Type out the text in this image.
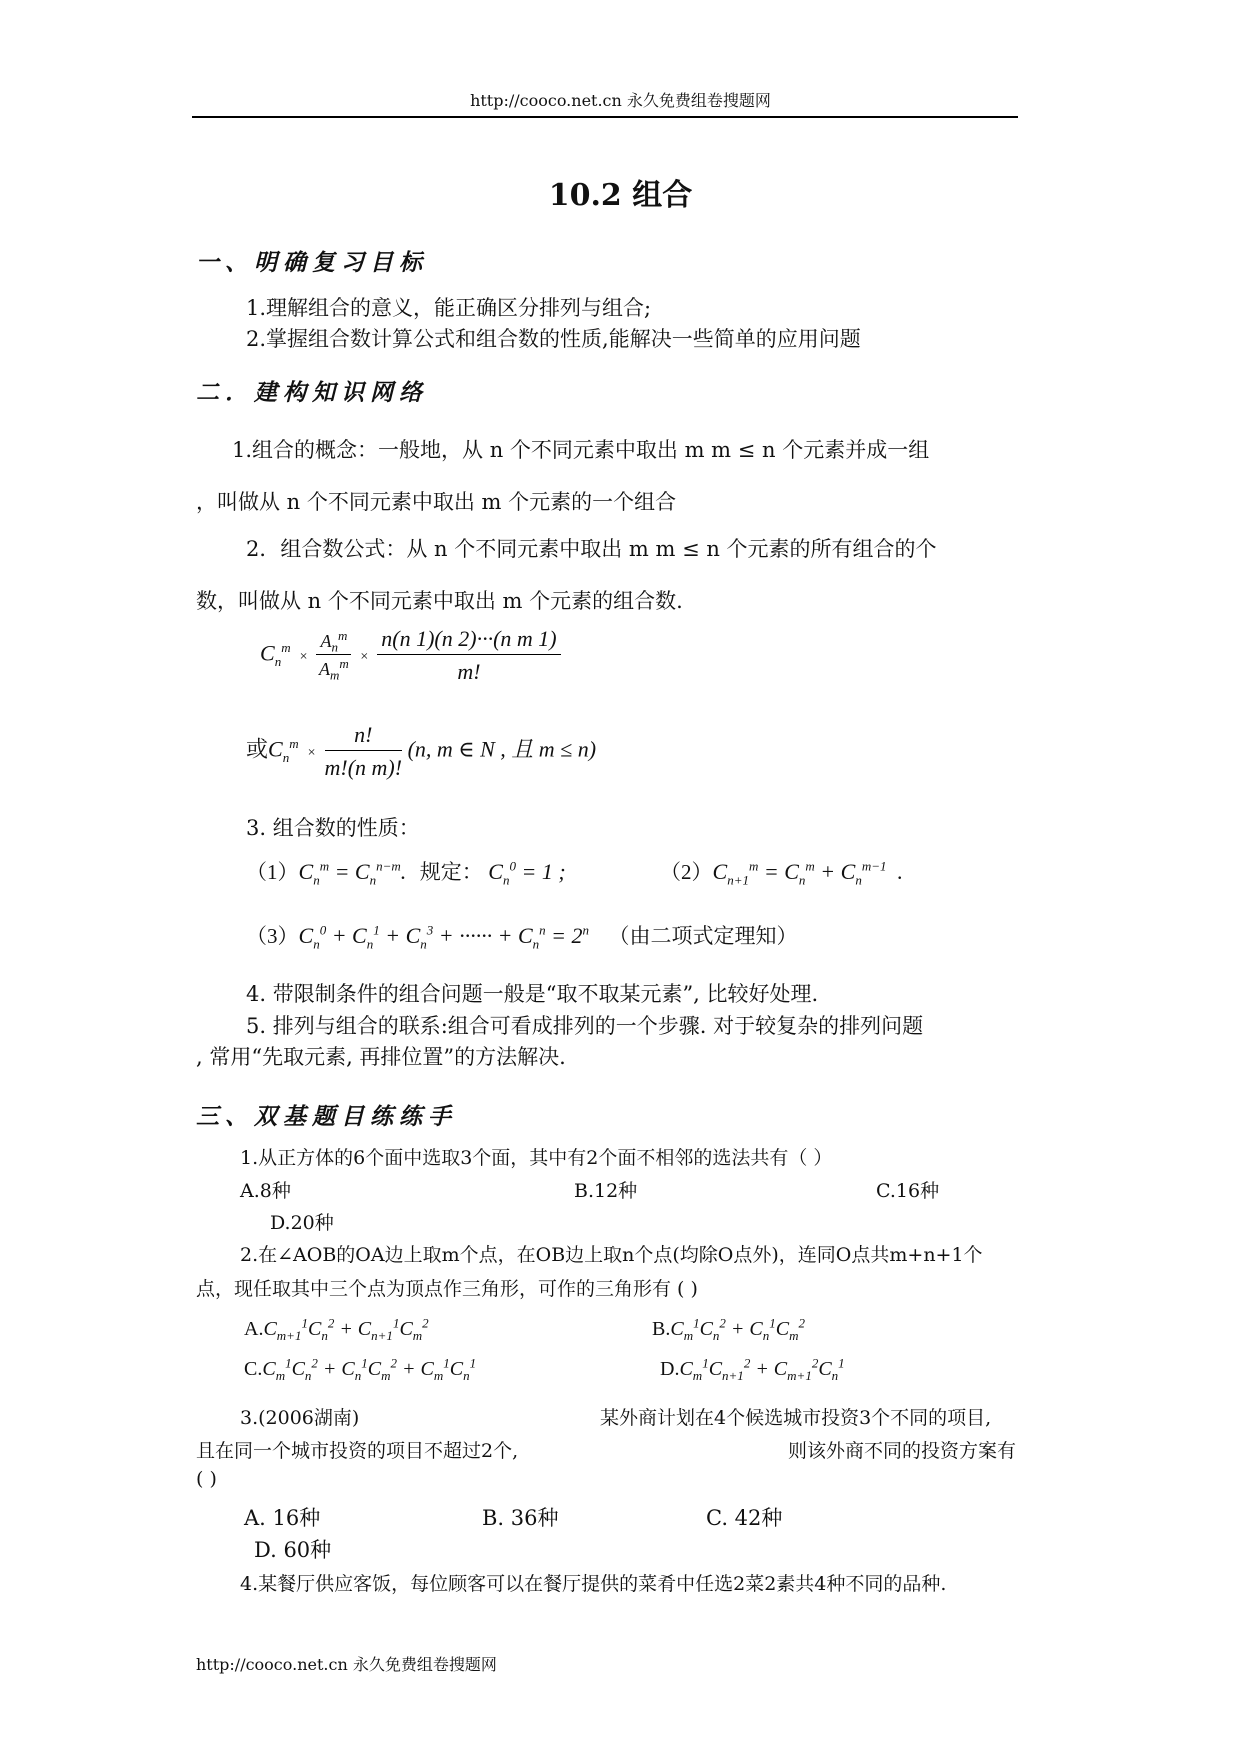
http://cooco.net.cn 永久免费组卷搜题网
10.2 组合
一、明确复习目标
1.理解组合的意义，能正确区分排列与组合;
2.掌握组合数计算公式和组合数的性质,能解决一些简单的应用问题
二．建构知识网络
1.组合的概念：一般地，从 n 个不同元素中取出 m m ≤ n 个元素并成一组
，叫做从 n 个不同元素中取出 m 个元素的一个组合
2．组合数公式：从 n 个不同元素中取出 m m ≤ n 个元素的所有组合的个
数，叫做从 n 个不同元素中取出 m 个元素的组合数.
$C_n^m \times \frac{A_n^m}{A_m^m} \times \frac{\text{n(n 1)(n 2)···(n m 1)}}{m!}$
或$C_n^m \times \frac{n!}{\text{m!(n m)!}} (n$, m ∈ N , 且 m ≤ n)
3. 组合数的性质：
$(1)C_n^m = C_n^{n-m}$. 规定： $C_n^0 = 1$ ;	$(2)C_{n+1}^m = C_n^m + C_n^{m-1}$  .
$(3)C_n^0 + C_n^1 + C_n^3$ + ······ + $C_n^n = 2^n$ （由二项式定理知）
4. 带限制条件的组合问题一般是“取不取某元素”, 比较好处理.
5. 排列与组合的联系:组合可看成排列的一个步骤. 对于较复杂的排列问题
, 常用“先取元素, 再排位置”的方法解决.
三、双基题目练练手
1.从正方体的6个面中选取3个面，其中有2个面不相邻的选法共有（ ）
A.8种	B.12种	C.16种
D.20种
2.在∠AOB的OA边上取m个点，在OB边上取n个点(均除O点外)，连同O点共m+n+1个
点，现任取其中三个点为顶点作三角形，可作的三角形有 ( )
$A.C_{m+1}^1C_n^2 + C_{n+1}^1C_m^2$	$B.C_m^1C_n^2 + C_n^1C_m^2$
$C.C_m^1C_n^2 + C_n^1C_m^2 + C_m^1C_n^1$	$D.C_m^1C_{n+1}^2 + C_{m+1}^2C_n^1$
3.(2006湖南)	某外商计划在4个候选城市投资3个不同的项目,
且在同一个城市投资的项目不超过2个,	则该外商不同的投资方案有
( )
A. 16种	B. 36种	C. 42种
D. 60种
4.某餐厅供应客饭，每位顾客可以在餐厅提供的菜肴中任选2菜2素共4种不同的品种.
http://cooco.net.cn 永久免费组卷搜题网
